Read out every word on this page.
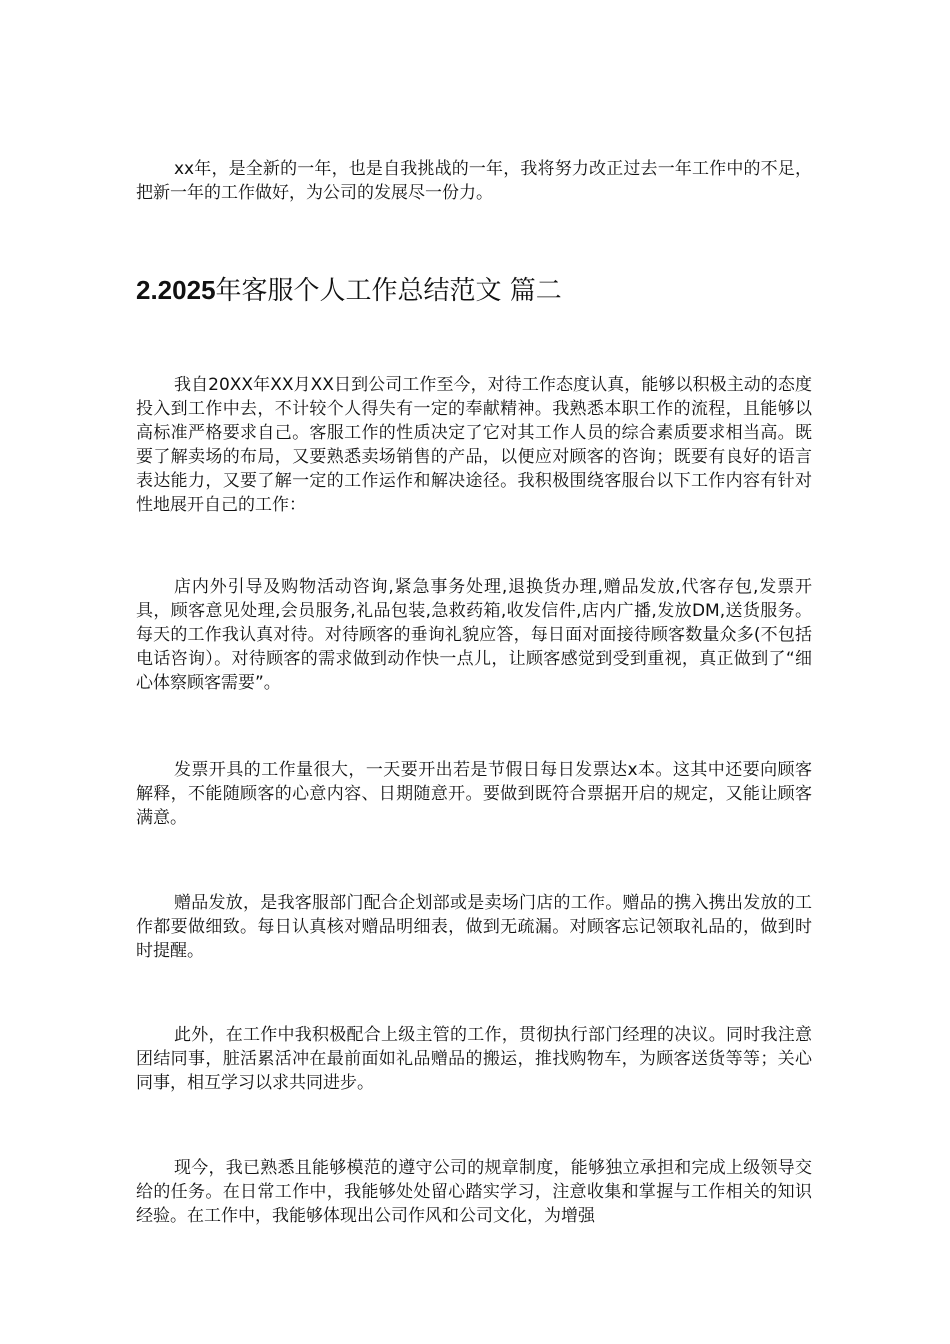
xx年，是全新的一年，也是自我挑战的一年，我将努力改正过去一年工作中的不足，把新一年的工作做好，为公司的发展尽一份力。

2.2025年客服个人工作总结范文 篇二

我自20XX年XX月XX日到公司工作至今，对待工作态度认真，能够以积极主动的态度投入到工作中去，不计较个人得失有一定的奉献精神。我熟悉本职工作的流程，且能够以高标准严格要求自己。客服工作的性质决定了它对其工作人员的综合素质要求相当高。既要了解卖场的布局，又要熟悉卖场销售的产品，以便应对顾客的咨询；既要有良好的语言表达能力，又要了解一定的工作运作和解决途径。我积极围绕客服台以下工作内容有针对性地展开自己的工作：

店内外引导及购物活动咨询,紧急事务处理,退换货办理,赠品发放,代客存包,发票开具，顾客意见处理,会员服务,礼品包装,急救药箱,收发信件,店内广播,发放DM,送货服务。每天的工作我认真对待。对待顾客的垂询礼貌应答，每日面对面接待顾客数量众多(不包括电话咨询）。对待顾客的需求做到动作快一点儿，让顾客感觉到受到重视，真正做到了“细心体察顾客需要”。

发票开具的工作量很大，一天要开出若是节假日每日发票达x本。这其中还要向顾客解释，不能随顾客的心意内容、日期随意开。要做到既符合票据开启的规定，又能让顾客满意。

赠品发放，是我客服部门配合企划部或是卖场门店的工作。赠品的携入携出发放的工作都要做细致。每日认真核对赠品明细表，做到无疏漏。对顾客忘记领取礼品的，做到时时提醒。

此外，在工作中我积极配合上级主管的工作，贯彻执行部门经理的决议。同时我注意团结同事，脏活累活冲在最前面如礼品赠品的搬运，推找购物车，为顾客送货等等；关心同事，相互学习以求共同进步。

现今，我已熟悉且能够模范的遵守公司的规章制度，能够独立承担和完成上级领导交给的任务。在日常工作中，我能够处处留心踏实学习，注意收集和掌握与工作相关的知识经验。在工作中，我能够体现出公司作风和公司文化，为增强
